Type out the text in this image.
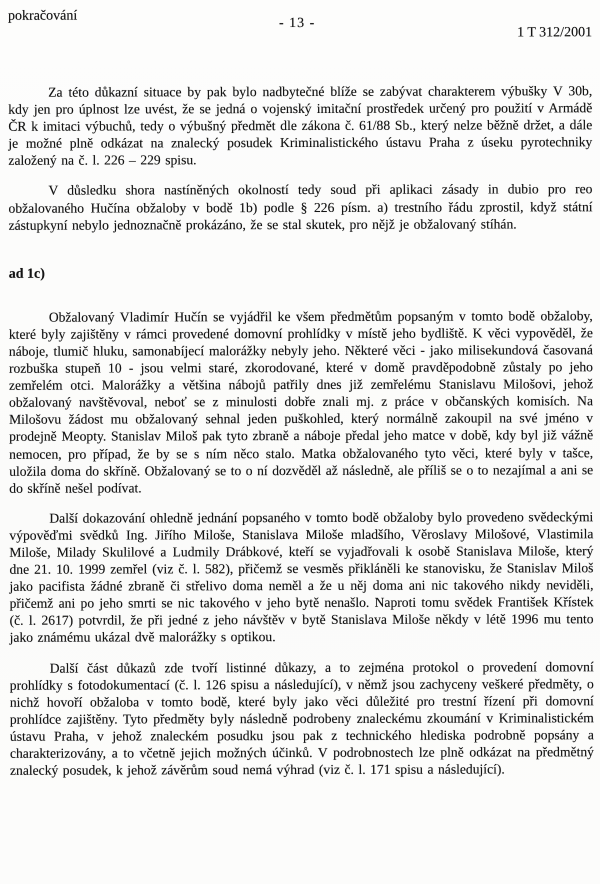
pokračování	- 13 -
1 T 312/2001

Za této důkazní situace by pak bylo nadbytečné blíže se zabývat charakterem výbušky V 30b, kdy jen pro úplnost lze uvést, že se jedná o vojenský imitační prostředek určený pro použití v Armádě ČR k imitaci výbuchů, tedy o výbušný předmět dle zákona č. 61/88 Sb., který nelze běžně držet, a dále je možné plně odkázat na znalecký posudek Kriminalistického ústavu Praha z úseku pyrotechniky založený na č. l. 226 – 229 spisu.

V důsledku shora nastíněných okolností tedy soud při aplikaci zásady in dubio pro reo obžalovaného Hučína obžaloby v bodě 1b) podle § 226 písm. a) trestního řádu zprostil, když státní zástupkyní nebylo jednoznačně prokázáno, že se stal skutek, pro nějž je obžalovaný stíhán.

ad 1c)

Obžalovaný Vladimír Hučín se vyjádřil ke všem předmětům popsaným v tomto bodě obžaloby, které byly zajištěny v rámci provedené domovní prohlídky v místě jeho bydliště. K věci vypověděl, že náboje, tlumič hluku, samonabíjecí malorážky nebyly jeho. Některé věci - jako milisekundová časovaná rozbuška stupeň 10 - jsou velmi staré, zkorodované, které v domě pravděpodobně zůstaly po jeho zemřelém otci. Malorážky a většina nábojů patřily dnes již zemřelému Stanislavu Milošovi, jehož obžalovaný navštěvoval, neboť se z minulosti dobře znali mj. z práce v občanských komisích. Na Milošovu žádost mu obžalovaný sehnal jeden puškohled, který normálně zakoupil na své jméno v prodejně Meopty. Stanislav Miloš pak tyto zbraně a náboje předal jeho matce v době, kdy byl již vážně nemocen, pro případ, že by se s ním něco stalo. Matka obžalovaného tyto věci, které byly v tašce, uložila doma do skříně. Obžalovaný se to o ní dozvěděl až následně, ale příliš se o to nezajímal a ani se do skříně nešel podívat.

Další dokazování ohledně jednání popsaného v tomto bodě obžaloby bylo provedeno svědeckými výpověďmi svědků Ing. Jiřího Miloše, Stanislava Miloše mladšího, Věroslavy Milošové, Vlastimila Miloše, Milady Skulilové a Ludmily Drábkové, kteří se vyjadřovali k osobě Stanislava Miloše, který dne 21. 10. 1999 zemřel (viz č. l. 582), přičemž se vesměs přikláněli ke stanovisku, že Stanislav Miloš jako pacifista žádné zbraně či střelivo doma neměl a že u něj doma ani nic takového nikdy neviděli, přičemž ani po jeho smrti se nic takového v jeho bytě nenašlo. Naproti tomu svědek František Křístek (č. l. 2617) potvrdil, že při jedné z jeho návštěv v bytě Stanislava Miloše někdy v létě 1996 mu tento jako známému ukázal dvě malorážky s optikou.

Další část důkazů zde tvoří listinné důkazy, a to zejména protokol o provedení domovní prohlídky s fotodokumentací (č. l. 126 spisu a následující), v němž jsou zachyceny veškeré předměty, o nichž hovoří obžaloba v tomto bodě, které byly jako věci důležité pro trestní řízení při domovní prohlídce zajištěny. Tyto předměty byly následně podrobeny znaleckému zkoumání v Kriminalistickém ústavu Praha, v jehož znaleckém posudku jsou pak z technického hlediska podrobně popsány a charakterizovány, a to včetně jejich možných účinků. V podrobnostech lze plně odkázat na předmětný znalecký posudek, k jehož závěrům soud nemá výhrad (viz č. l. 171 spisu a následující).
